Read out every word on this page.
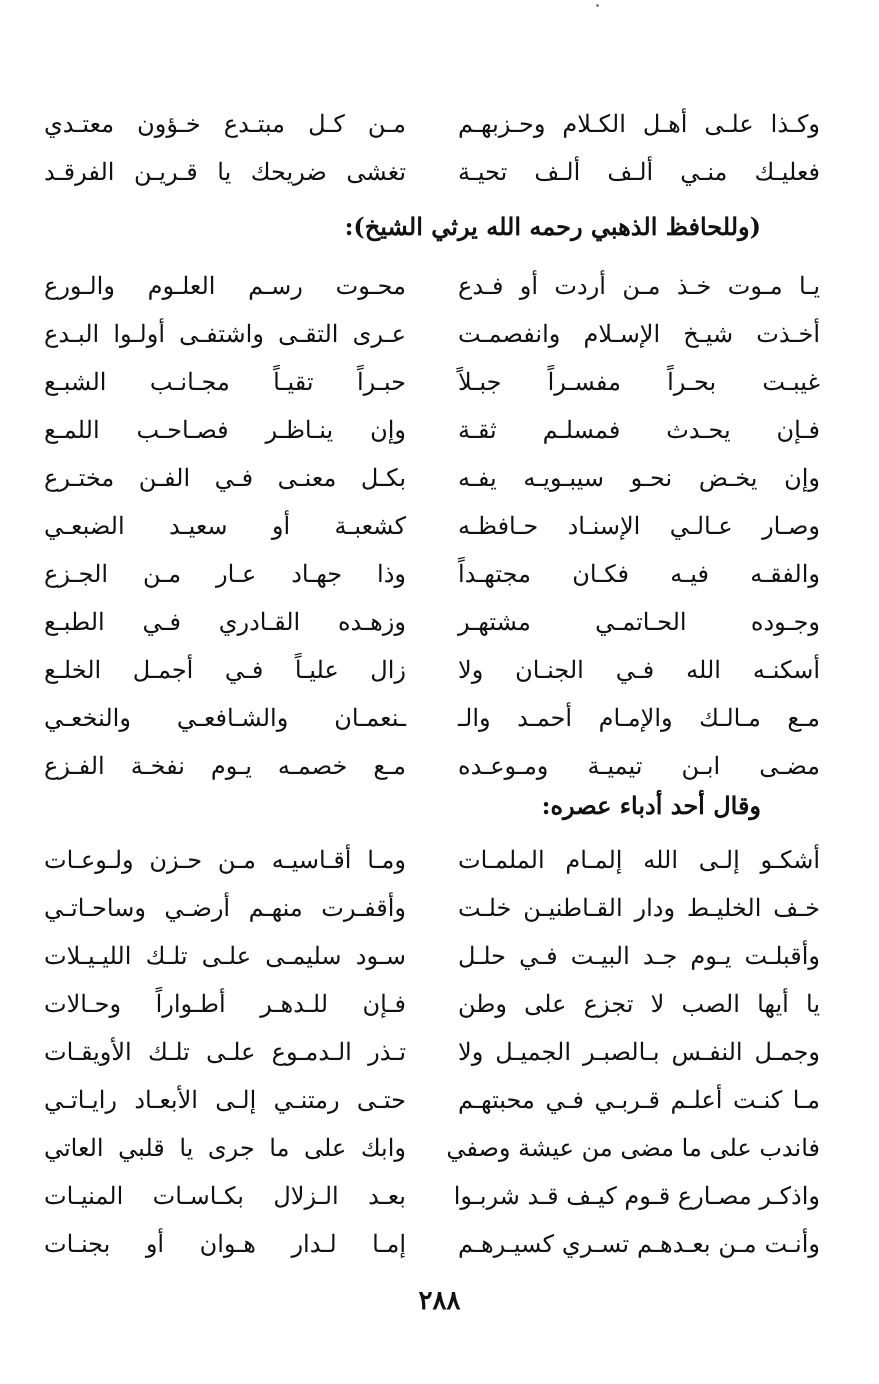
وكـذا علـى أهـل الكـلام وحـزبهـم
مـن كـل مبتـدع خـؤون معتـدي
فعليـك منـي ألـف ألـف تحيـة
تغشى ضريحك يا قـريـن الفرقـد
(وللحافظ الذهبي رحمه الله يرثي الشيخ):
يـا مـوت خـذ مـن أردت أو فـدع
محـوت رسـم العلـوم والـورع
أخـذت شيـخ الإسـلام وانفصمـت
عـرى التقـى واشتفـى أولـوا البـدع
غيبـت بحـراً مفسـراً جبـلاً
حبـراً تقيـاً مجـانـب الشبـع
فـإن يحـدث فمسلـم ثقـة
وإن ينـاظـر فصـاحـب اللمـع
وإن يخـض نحـو سيبـويـه يفـه
بكـل معنـى فـي الفـن مختـرع
وصـار عـالـي الإسنـاد حـافظـه
كشعبـة أو سعيـد الضبعـي
والفقـه فيـه فكـان مجتهـداً
وذا جهـاد عـار مـن الجـزع
وجـوده الحـاتمـي مشتهـر
وزهـده القـادري فـي الطبـع
أسكنـه الله فـي الجنـان ولا
زال عليـاً فـي أجمـل الخلـع
مـع مـالـك والإمـام أحمـد والـ
ـنعمـان والشـافعـي والنخعـي
مضـى ابـن تيميـة ومـوعـده
مـع خصمـه يـوم نفخـة الفـزع
وقال أحد أدباء عصره:
أشكـو إلـى الله إلمـام الملمـات
ومـا أقـاسيـه مـن حـزن ولـوعـات
خـف الخليـط ودار القـاطنيـن خلـت
وأقفـرت منهـم أرضـي وساحـاتـي
وأقبلـت يـوم جـد البيـت فـي حلـل
سـود سليمـى علـى تلـك الليـيـلات
يا أيها الصب لا تجزع على وطن
فـإن للـدهـر أطـواراً وحـالات
وجمـل النفـس بـالصبـر الجميـل ولا
تـذر الـدمـوع علـى تلـك الأويقـات
مـا كنـت أعلـم قـربـي فـي محبتهـم
حتـى رمتنـي إلـى الأبعـاد رايـاتـي
فاندب على ما مضى من عيشة وصفي
وابك على ما جرى يا قلبي العاتي
واذكـر مصـارع قـوم كيـف قـد شربـوا
بعـد الـزلال بكـاسـات المنيـات
وأنـت مـن بعـدهـم تسـري كسيـرهـم
إمـا لـدار هـوان أو بجنـات
٢٨٨
